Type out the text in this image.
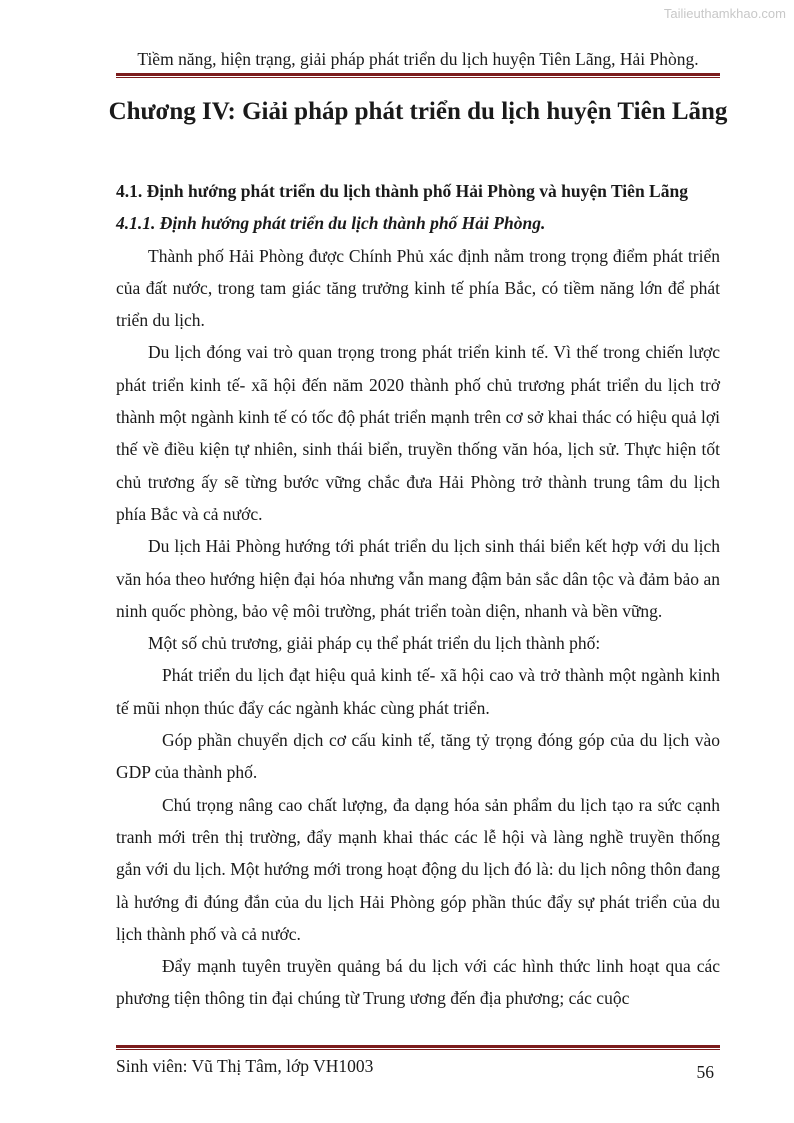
Tailieuthamkhao.com
Tiềm năng, hiện trạng, giải pháp phát triển du lịch huyện Tiên Lãng, Hải Phòng.
Chương IV: Giải pháp phát triển du lịch huyện Tiên Lãng

4.1. Định hướng phát triển du lịch thành phố Hải Phòng và huyện Tiên Lãng

4.1.1. Định hướng phát triển du lịch thành phố Hải Phòng.

Thành phố Hải Phòng được Chính Phủ xác định nằm trong trọng điểm phát triển của đất nước, trong tam giác tăng trưởng kinh tế phía Bắc, có tiềm năng lớn để phát triển du lịch.

Du lịch đóng vai trò quan trọng trong phát triển kinh tế. Vì thế trong chiến lược phát triển kinh tế- xã hội đến năm 2020 thành phố chủ trương phát triển du lịch trở thành một ngành kinh tế có tốc độ phát triển mạnh trên cơ sở khai thác có hiệu quả lợi thế về điều kiện tự nhiên, sinh thái biển, truyền thống văn hóa, lịch sử. Thực hiện tốt chủ trương ấy sẽ từng bước vững chắc đưa Hải Phòng trở thành trung tâm du lịch phía Bắc và cả nước.

Du lịch Hải Phòng hướng tới phát triển du lịch sinh thái biển kết hợp với du lịch văn hóa theo hướng hiện đại hóa nhưng vẫn mang đậm bản sắc dân tộc và đảm bảo an ninh quốc phòng, bảo vệ môi trường, phát triển toàn diện, nhanh và bền vững.

Một số chủ trương, giải pháp cụ thể phát triển du lịch thành phố:

Phát triển du lịch đạt hiệu quả kinh tế- xã hội cao và trở thành một ngành kinh tế mũi nhọn thúc đẩy các ngành khác cùng phát triển.

Góp phần chuyển dịch cơ cấu kinh tế, tăng tỷ trọng đóng góp của du lịch vào GDP của thành phố.

Chú trọng nâng cao chất lượng, đa dạng hóa sản phẩm du lịch tạo ra sức cạnh tranh mới trên thị trường, đẩy mạnh khai thác các lễ hội và làng nghề truyền thống gắn với du lịch. Một hướng mới trong hoạt động du lịch đó là: du lịch nông thôn đang là hướng đi đúng đắn của du lịch Hải Phòng góp phần thúc đẩy sự phát triển của du lịch thành phố và cả nước.

Đẩy mạnh tuyên truyền quảng bá du lịch với các hình thức linh hoạt qua các phương tiện thông tin đại chúng từ Trung ương đến địa phương; các cuộc

Sinh viên: Vũ Thị Tâm, lớp VH1003	56
